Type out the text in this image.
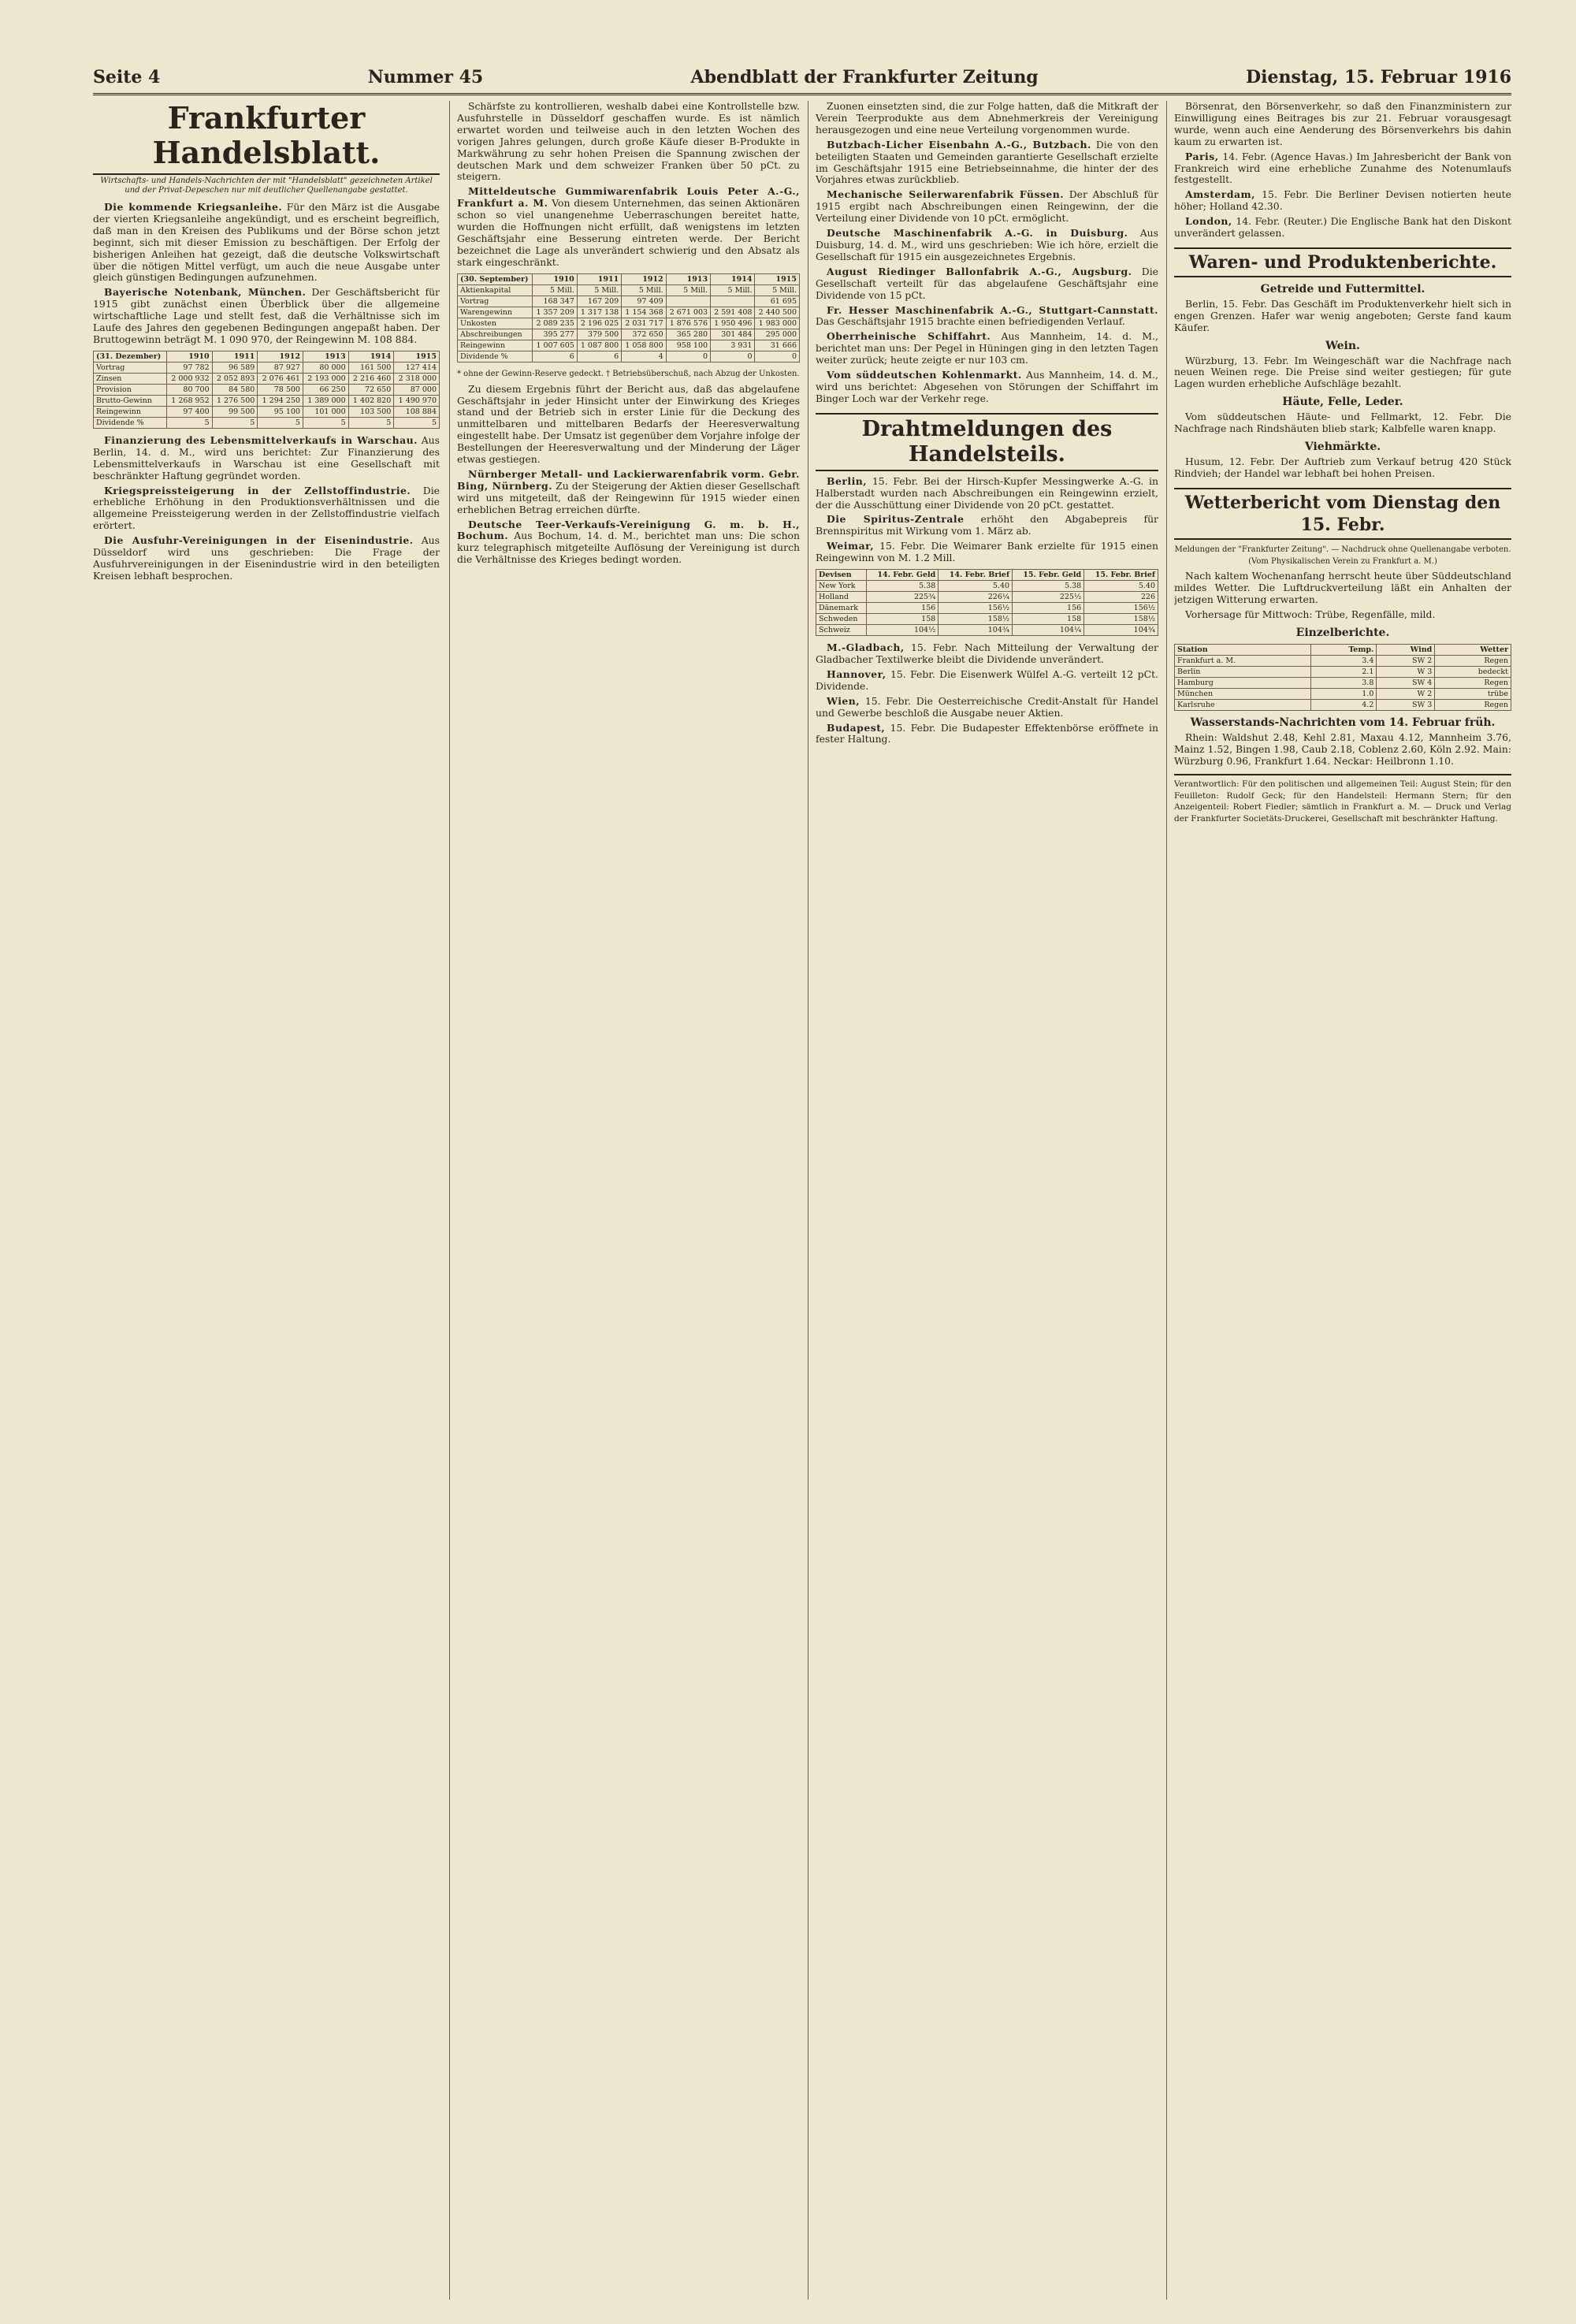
Seite 4	Nummer 45	Abendblatt der Frankfurter Zeitung	Dienstag, 15. Februar 1916
Frankfurter Handelsblatt.
Wirtschafts- und Handels-Nachrichten der mit "Handelsblatt" gezeichneten Artikel und der Privat-Depeschen nur mit deutlicher Quellenangabe gestattet.

Die kommende Kriegsanleihe. Für den März ist die Ausgabe der vierten Kriegsanleihe angekündigt, und es erscheint begreiflich, daß man in den Kreisen des Publikums und der Börse schon jetzt beginnt, sich mit dieser Emission zu beschäftigen. Der Erfolg der bisherigen Anleihen hat gezeigt, daß die deutsche Volkswirtschaft über die nötigen Mittel verfügt, um auch die neue Ausgabe unter gleich günstigen Bedingungen aufzunehmen.

Bayerische Notenbank, München. Der Geschäftsbericht für 1915 gibt zunächst einen Überblick über die allgemeine wirtschaftliche Lage und stellt fest, daß die Verhältnisse sich im Laufe des Jahres den gegebenen Bedingungen angepaßt haben. Der Bruttogewinn beträgt M. 1 090 970, der Reingewinn M. 108 884.

(31. Dezember)	1910	1911	1912	1913	1914	1915
Vortrag	97 782	96 589	87 927	80 000	161 500	127 414
Zinsen	2 000 932	2 052 893	2 076 461	2 193 000	2 216 460	2 318 000
Provision	80 700	84 580	78 500	66 250	72 650	87 000
Brutto-Gewinn	1 268 952	1 276 500	1 294 250	1 389 000	1 402 820	1 490 970
Reingewinn	97 400	99 500	95 100	101 000	103 500	108 884
Dividende %	5	5	5	5	5	5

Finanzierung des Lebensmittelverkaufs in Warschau. Aus Berlin, 14. d. M., wird uns berichtet: Zur Finanzierung des Lebensmittelverkaufs in Warschau ist eine Gesellschaft mit beschränkter Haftung gegründet worden.

Kriegspreissteigerung in der Zellstoffindustrie. Die erhebliche Erhöhung in den Produktionsverhältnissen und die allgemeine Preissteigerung werden in der Zellstoffindustrie vielfach erörtert.

Die Ausfuhr-Vereinigungen in der Eisenindustrie. Aus Düsseldorf wird uns geschrieben: Die Frage der Ausfuhrvereinigungen in der Eisenindustrie wird in den beteiligten Kreisen lebhaft besprochen.

Schärfste zu kontrollieren, weshalb dabei eine Kontrollstelle bzw. Ausfuhrstelle in Düsseldorf geschaffen wurde. Es ist nämlich erwartet worden und teilweise auch in den letzten Wochen des vorigen Jahres gelungen, durch große Käufe dieser B-Produkte in Markwährung zu sehr hohen Preisen die Spannung zwischen der deutschen Mark und dem schweizer Franken über 50 pCt. zu steigern.

Mitteldeutsche Gummiwarenfabrik Louis Peter A.-G., Frankfurt a. M. Von diesem Unternehmen, das seinen Aktionären schon so viel unangenehme Ueberraschungen bereitet hatte, wurden die Hoffnungen nicht erfüllt, daß wenigstens im letzten Geschäftsjahr eine Besserung eintreten werde. Der Bericht bezeichnet die Lage als unverändert schwierig und den Absatz als stark eingeschränkt.

(30. September)	1910	1911	1912	1913	1914	1915
Aktienkapital	5 Mill.	5 Mill.	5 Mill.	5 Mill.	5 Mill.	5 Mill.
Vortrag	168 347	167 209	97 409			61 695
Warengewinn	1 357 209	1 317 138	1 154 368	2 671 003	2 591 408	2 440 500
Unkosten	2 089 235	2 196 025	2 031 717	1 876 576	1 950 496	1 983 000
Abschreibungen	395 277	379 500	372 650	365 280	301 484	295 000
Reingewinn	1 007 605	1 087 800	1 058 800	958 100	3 931	31 666
Dividende %	6	6	4	0	0	0

* ohne der Gewinn-Reserve gedeckt. † Betriebsüberschuß, nach Abzug der Unkosten.

Zu diesem Ergebnis führt der Bericht aus, daß das abgelaufene Geschäftsjahr in jeder Hinsicht unter der Einwirkung des Krieges stand und der Betrieb sich in erster Linie für die Deckung des unmittelbaren und mittelbaren Bedarfs der Heeresverwaltung eingestellt habe. Der Umsatz ist gegenüber dem Vorjahre infolge der Bestellungen der Heeresverwaltung und der Minderung der Läger etwas gestiegen.

Nürnberger Metall- und Lackierwarenfabrik vorm. Gebr. Bing, Nürnberg. Zu der Steigerung der Aktien dieser Gesellschaft wird uns mitgeteilt, daß der Reingewinn für 1915 wieder einen erheblichen Betrag erreichen dürfte.

Deutsche Teer-Verkaufs-Vereinigung G. m. b. H., Bochum. Aus Bochum, 14. d. M., berichtet man uns: Die schon kurz telegraphisch mitgeteilte Auflösung der Vereinigung ist durch die Verhältnisse des Krieges bedingt worden.

Zuonen einsetzten sind, die zur Folge hatten, daß die Mitkraft der Verein Teerprodukte aus dem Abnehmerkreis der Vereinigung herausgezogen und eine neue Verteilung vorgenommen wurde.

Butzbach-Licher Eisenbahn A.-G., Butzbach. Die von den beteiligten Staaten und Gemeinden garantierte Gesellschaft erzielte im Geschäftsjahr 1915 eine Betriebseinnahme, die hinter der des Vorjahres etwas zurückblieb.

Mechanische Seilerwarenfabrik Füssen. Der Abschluß für 1915 ergibt nach Abschreibungen einen Reingewinn, der die Verteilung einer Dividende von 10 pCt. ermöglicht.

Deutsche Maschinenfabrik A.-G. in Duisburg. Aus Duisburg, 14. d. M., wird uns geschrieben: Wie ich höre, erzielt die Gesellschaft für 1915 ein ausgezeichnetes Ergebnis.

August Riedinger Ballonfabrik A.-G., Augsburg. Die Gesellschaft verteilt für das abgelaufene Geschäftsjahr eine Dividende von 15 pCt.

Fr. Hesser Maschinenfabrik A.-G., Stuttgart-Cannstatt. Das Geschäftsjahr 1915 brachte einen befriedigenden Verlauf.

Oberrheinische Schiffahrt. Aus Mannheim, 14. d. M., berichtet man uns: Der Pegel in Hüningen ging in den letzten Tagen weiter zurück; heute zeigte er nur 103 cm.

Vom süddeutschen Kohlenmarkt. Aus Mannheim, 14. d. M., wird uns berichtet: Abgesehen von Störungen der Schiffahrt im Binger Loch war der Verkehr rege.

Drahtmeldungen des Handelsteils.

Berlin, 15. Febr. Bei der Hirsch-Kupfer Messingwerke A.-G. in Halberstadt wurden nach Abschreibungen ein Reingewinn erzielt, der die Ausschüttung einer Dividende von 20 pCt. gestattet.

Die Spiritus-Zentrale erhöht den Abgabepreis für Brennspiritus mit Wirkung vom 1. März ab.

Weimar, 15. Febr. Die Weimarer Bank erzielte für 1915 einen Reingewinn von M. 1.2 Mill.

Devisen	14. Febr. Geld	14. Febr. Brief	15. Febr. Geld	15. Febr. Brief
New York	5.38	5.40	5.38	5.40
Holland	225¾	226¼	225½	226
Dänemark	156	156½	156	156½
Schweden	158	158½	158	158½
Schweiz	104½	104¾	104¼	104¾

M.-Gladbach, 15. Febr. Nach Mitteilung der Verwaltung der Gladbacher Textilwerke bleibt die Dividende unverändert.

Hannover, 15. Febr. Die Eisenwerk Wülfel A.-G. verteilt 12 pCt. Dividende.

Wien, 15. Febr. Die Oesterreichische Credit-Anstalt für Handel und Gewerbe beschloß die Ausgabe neuer Aktien.

Budapest, 15. Febr. Die Budapester Effektenbörse eröffnete in fester Haltung.

Börsenrat, den Börsenverkehr, so daß den Finanzministern zur Einwilligung eines Beitrages bis zur 21. Februar vorausgesagt wurde, wenn auch eine Aenderung des Börsenverkehrs bis dahin kaum zu erwarten ist.

Paris, 14. Febr. (Agence Havas.) Im Jahresbericht der Bank von Frankreich wird eine erhebliche Zunahme des Notenumlaufs festgestellt.

Amsterdam, 15. Febr. Die Berliner Devisen notierten heute höher; Holland 42.30.

London, 14. Febr. (Reuter.) Die Englische Bank hat den Diskont unverändert gelassen.

Waren- und Produktenberichte.
Getreide und Futtermittel.

Berlin, 15. Febr. Das Geschäft im Produktenverkehr hielt sich in engen Grenzen. Hafer war wenig angeboten; Gerste fand kaum Käufer.

Wein.

Würzburg, 13. Febr. Im Weingeschäft war die Nachfrage nach neuen Weinen rege. Die Preise sind weiter gestiegen; für gute Lagen wurden erhebliche Aufschläge bezahlt.

Häute, Felle, Leder.

Vom süddeutschen Häute- und Fellmarkt, 12. Febr. Die Nachfrage nach Rindshäuten blieb stark; Kalbfelle waren knapp.

Viehmärkte.

Husum, 12. Febr. Der Auftrieb zum Verkauf betrug 420 Stück Rindvieh; der Handel war lebhaft bei hohen Preisen.

Wetterbericht vom Dienstag den 15. Febr.

Meldungen der "Frankfurter Zeitung". — Nachdruck ohne Quellenangabe verboten. (Vom Physikalischen Verein zu Frankfurt a. M.)

Nach kaltem Wochenanfang herrscht heute über Süddeutschland mildes Wetter. Die Luftdruckverteilung läßt ein Anhalten der jetzigen Witterung erwarten.

Vorhersage für Mittwoch: Trübe, Regenfälle, mild.

Einzelberichte.
Station	Temp.	Wind	Wetter
Frankfurt a. M.	3.4	SW 2	Regen
Berlin	2.1	W 3	bedeckt
Hamburg	3.8	SW 4	Regen
München	1.0	W 2	trübe
Karlsruhe	4.2	SW 3	Regen
Wasserstands-Nachrichten vom 14. Februar früh.

Rhein: Waldshut 2.48, Kehl 2.81, Maxau 4.12, Mannheim 3.76, Mainz 1.52, Bingen 1.98, Caub 2.18, Coblenz 2.60, Köln 2.92. Main: Würzburg 0.96, Frankfurt 1.64. Neckar: Heilbronn 1.10.

Verantwortlich: Für den politischen und allgemeinen Teil: August Stein; für den Feuilleton: Rudolf Geck; für den Handelsteil: Hermann Stern; für den Anzeigenteil: Robert Fiedler; sämtlich in Frankfurt a. M. — Druck und Verlag der Frankfurter Societäts-Druckerei, Gesellschaft mit beschränkter Haftung.
